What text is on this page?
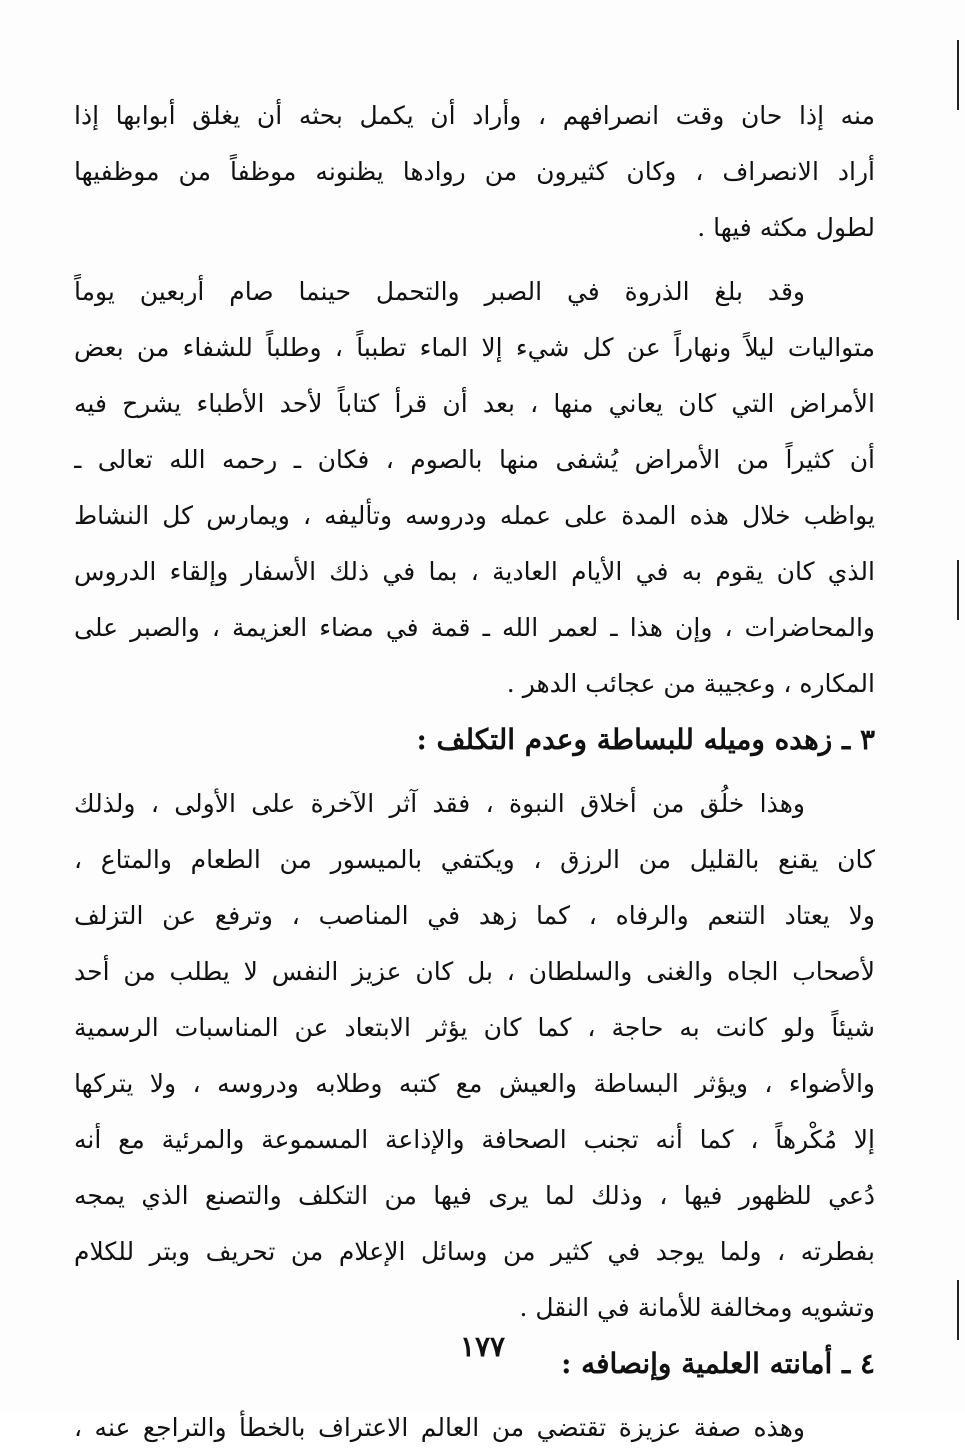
منه إذا حان وقت انصرافهم ، وأراد أن يكمل بحثه أن يغلق أبوابها إذا
أراد الانصراف ، وكان كثيرون من روادها يظنونه موظفاً من موظفيها
لطول مكثه فيها .
وقد بلغ الذروة في الصبر والتحمل حينما صام أربعين يوماً
متواليات ليلاً ونهاراً عن كل شيء إلا الماء تطبباً ، وطلباً للشفاء من بعض
الأمراض التي كان يعاني منها ، بعد أن قرأ كتاباً لأحد الأطباء يشرح فيه
أن كثيراً من الأمراض يُشفى منها بالصوم ، فكان ـ رحمه الله تعالى ـ
يواظب خلال هذه المدة على عمله ودروسه وتأليفه ، ويمارس كل النشاط
الذي كان يقوم به في الأيام العادية ، بما في ذلك الأسفار وإلقاء الدروس
والمحاضرات ، وإن هذا ـ لعمر الله ـ قمة في مضاء العزيمة ، والصبر على
المكاره ، وعجيبة من عجائب الدهر .
٣ ـ زهده وميله للبساطة وعدم التكلف :
وهذا خلُق من أخلاق النبوة ، فقد آثر الآخرة على الأولى ، ولذلك
كان يقنع بالقليل من الرزق ، ويكتفي بالميسور من الطعام والمتاع ،
ولا يعتاد التنعم والرفاه ، كما زهد في المناصب ، وترفع عن التزلف
لأصحاب الجاه والغنى والسلطان ، بل كان عزيز النفس لا يطلب من أحد
شيئاً ولو كانت به حاجة ، كما كان يؤثر الابتعاد عن المناسبات الرسمية
والأضواء ، ويؤثر البساطة والعيش مع كتبه وطلابه ودروسه ، ولا يتركها
إلا مُكْرهاً ، كما أنه تجنب الصحافة والإذاعة المسموعة والمرئية مع أنه
دُعي للظهور فيها ، وذلك لما يرى فيها من التكلف والتصنع الذي يمجه
بفطرته ، ولما يوجد في كثير من وسائل الإعلام من تحريف وبتر للكلام
وتشويه ومخالفة للأمانة في النقل .
٤ ـ أمانته العلمية وإنصافه :
وهذه صفة عزيزة تقتضي من العالم الاعتراف بالخطأ والتراجع عنه ،
١٧٧
